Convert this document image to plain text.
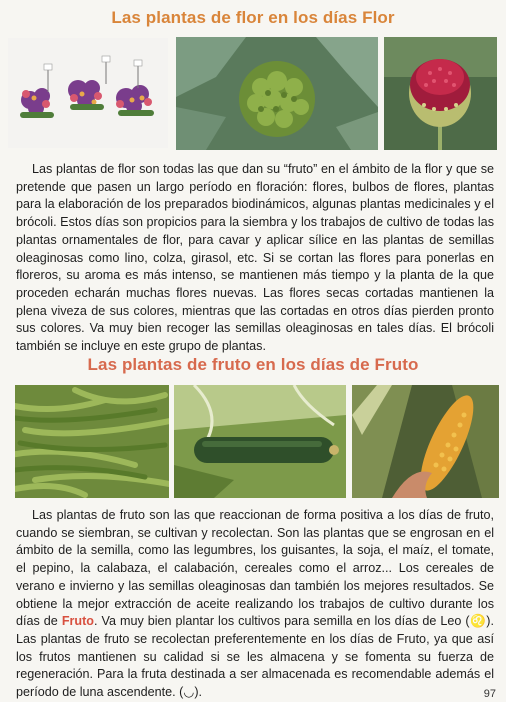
Las plantas de flor en los días Flor

Las plantas de flor son todas las que dan su “fruto” en el ámbito de la flor y que se pretende que pasen un largo período en floración: flores, bulbos de flores, plantas para la elaboración de los preparados biodinámicos, algunas plantas medicinales y el brócoli. Estos días son propicios para la siembra y los trabajos de cultivo de todas las plantas ornamentales de flor, para cavar y aplicar sílice en las plantas de semillas oleaginosas como lino, colza, girasol, etc. Si se cortan las flores para ponerlas en floreros, su aroma es más intenso, se mantienen más tiempo y la planta de la que proceden echarán muchas flores nuevas. Las flores secas cortadas mantienen la plena viveza de sus colores, mientras que las cortadas en otros días pierden pronto sus colores. Va muy bien recoger las semillas oleaginosas en tales días. El brócoli también se incluye en este grupo de plantas.

Las plantas de fruto en los días de Fruto

Las plantas de fruto son las que reaccionan de forma positiva a los días de fruto, cuando se siembran, se cultivan y recolectan. Son las plantas que se engrosan en el ámbito de la semilla, como las legumbres, los guisantes, la soja, el maíz, el tomate, el pepino, la calabaza, el calabación, cereales como el arroz... Los cereales de verano e invierno y las semillas oleaginosas dan también los mejores resultados. Se obtiene la mejor extracción de aceite realizando los trabajos de cultivo durante los días de Fruto. Va muy bien plantar los cultivos para semilla en los días de Leo (♌). Las plantas de fruto se recolectan preferentemente en los días de Fruto, ya que así los frutos mantienen su calidad si se les almacena y se fomenta su fuerza de regeneración. Para la fruta destinada a ser almacenada es recomendable además el período de luna ascendente. (◡).	97
